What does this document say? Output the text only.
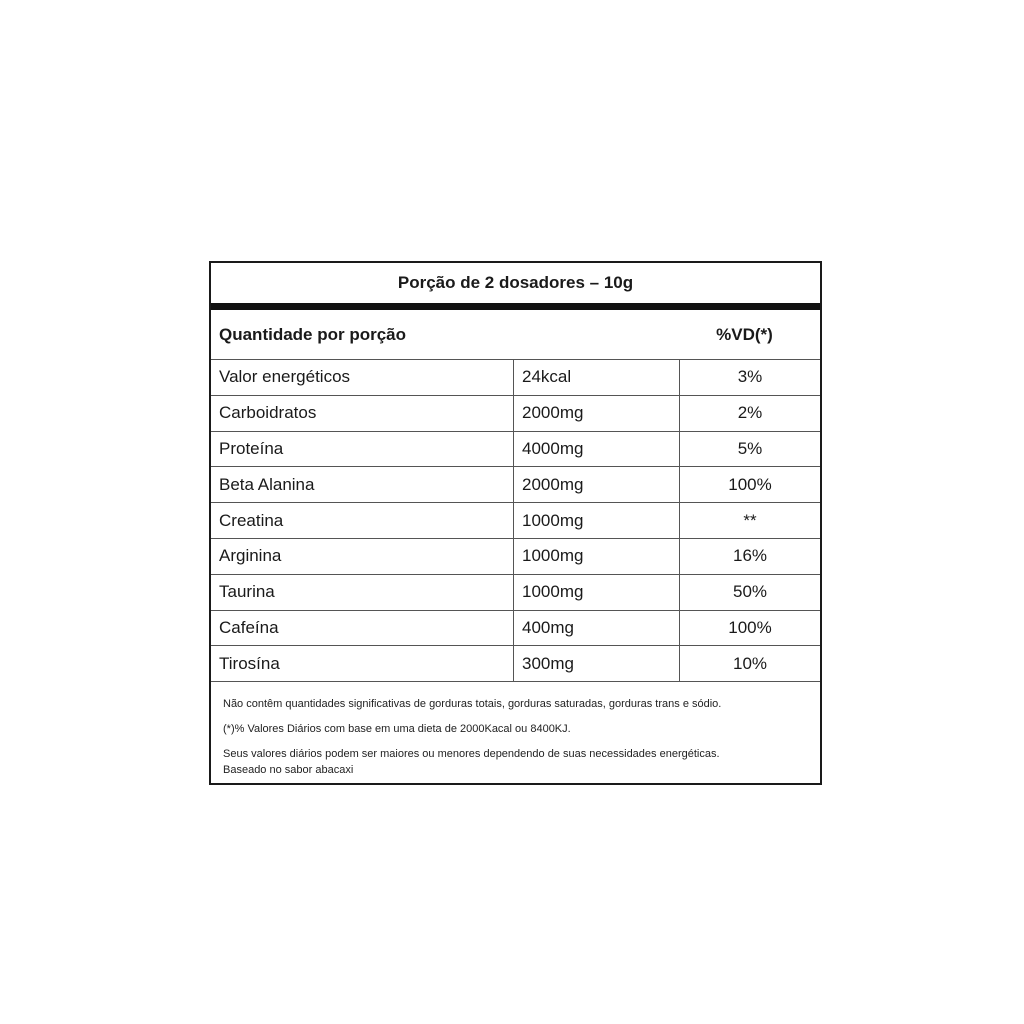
Porção de 2 dosadores – 10g
Quantidade por porção	%VD(*)
Valor energéticos	24kcal	3%
Carboidratos	2000mg	2%
Proteína	4000mg	5%
Beta Alanina	2000mg	100%
Creatina	1000mg	**
Arginina	1000mg	16%
Taurina	1000mg	50%
Cafeína	400mg	100%
Tirosína	300mg	10%

Não contêm quantidades significativas de gorduras totais, gorduras saturadas, gorduras trans e sódio.

(*)% Valores Diários com base em uma dieta de 2000Kacal ou 8400KJ.

Seus valores diários podem ser maiores ou menores dependendo de suas necessidades energéticas.
Baseado no sabor abacaxi
